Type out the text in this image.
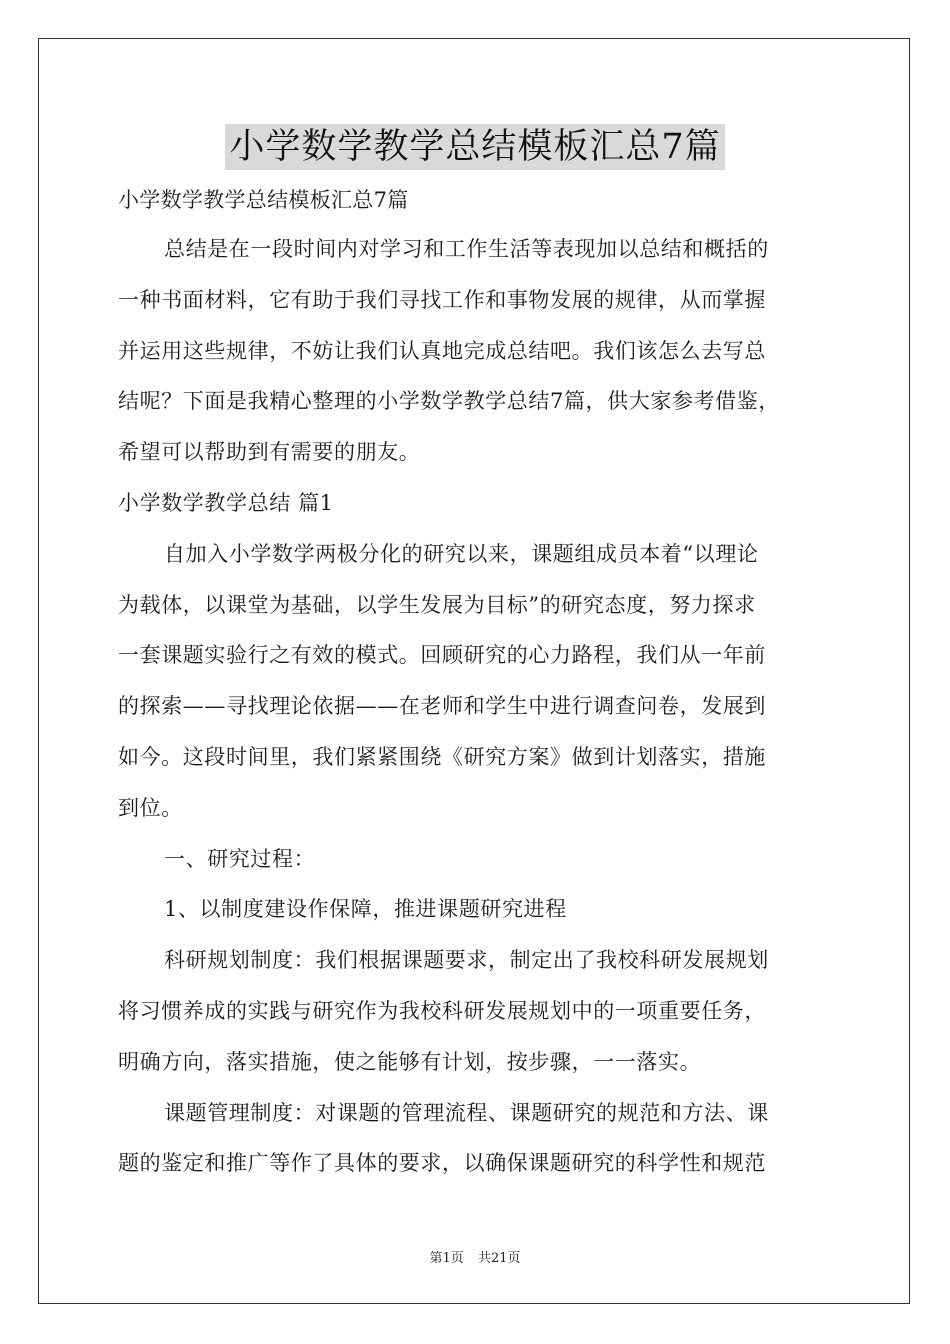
小学数学教学总结模板汇总7篇
小学数学教学总结模板汇总7篇
总结是在一段时间内对学习和工作生活等表现加以总结和概括的
一种书面材料，它有助于我们寻找工作和事物发展的规律，从而掌握
并运用这些规律，不妨让我们认真地完成总结吧。我们该怎么去写总
结呢？下面是我精心整理的小学数学教学总结7篇，供大家参考借鉴，
希望可以帮助到有需要的朋友。
小学数学教学总结 篇1
自加入小学数学两极分化的研究以来，课题组成员本着“以理论
为载体，以课堂为基础，以学生发展为目标”的研究态度，努力探求
一套课题实验行之有效的模式。回顾研究的心力路程，我们从一年前
的探索——寻找理论依据——在老师和学生中进行调查问卷，发展到
如今。这段时间里，我们紧紧围绕《研究方案》做到计划落实，措施
到位。
一、研究过程：
1、以制度建设作保障，推进课题研究进程
科研规划制度：我们根据课题要求，制定出了我校科研发展规划
将习惯养成的实践与研究作为我校科研发展规划中的一项重要任务，
明确方向，落实措施，使之能够有计划，按步骤，一一落实。
课题管理制度：对课题的管理流程、课题研究的规范和方法、课
题的鉴定和推广等作了具体的要求，以确保课题研究的科学性和规范
第1页 共21页
